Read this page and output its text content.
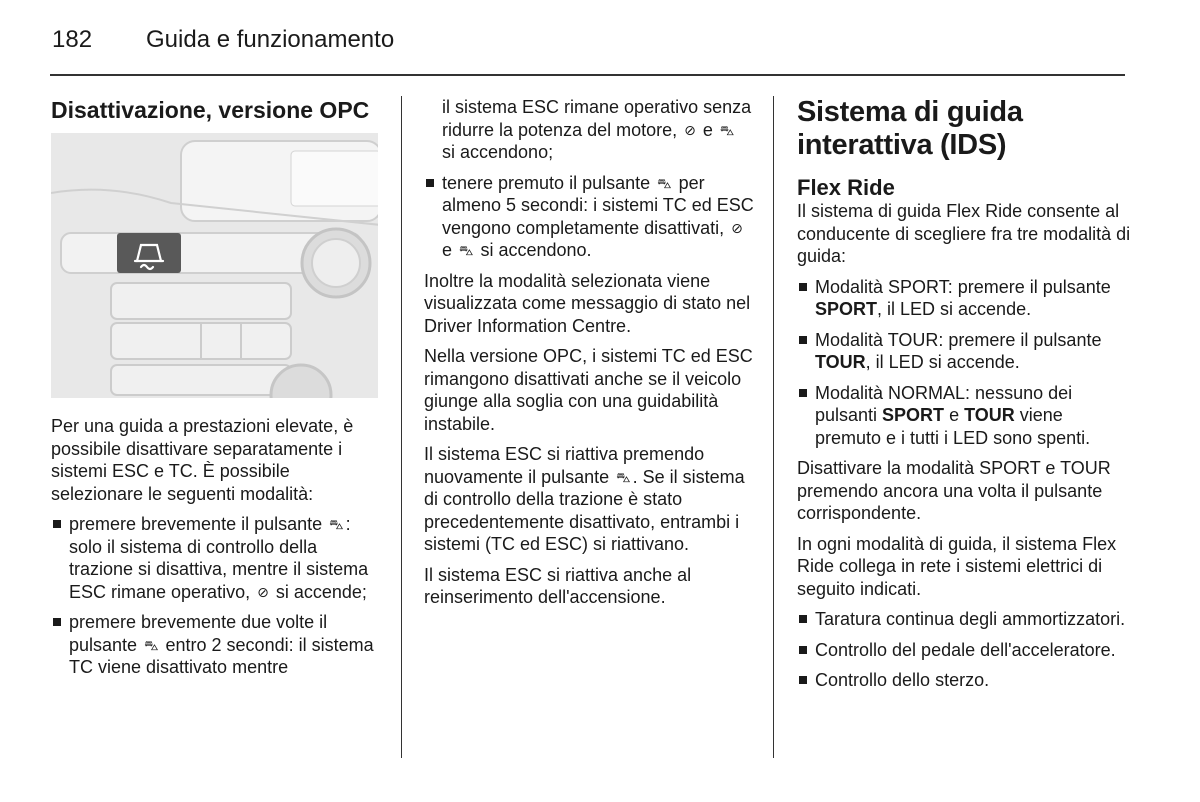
182 Guida e funzionamento
Disattivazione, versione OPC

Per una guida a prestazioni elevate, è possibile disattivare separatamente i sistemi ESC e TC. È possibile selezionare le seguenti modalità:

premere brevemente il pulsante ⛍ : solo il sistema di controllo della trazione si disattiva, mentre il sistema ESC rimane operativo, ⊘ si accende;
premere brevemente due volte il pulsante ⛍ entro 2 secondi: il sistema TC viene disattivato mentre

il sistema ESC rimane operativo senza ridurre la potenza del motore, ⊘ e ⛍ si accendono;

tenere premuto il pulsante ⛍ per almeno 5 secondi: i sistemi TC ed ESC vengono completamente disattivati, ⊘ e ⛍ si accendono.

Inoltre la modalità selezionata viene visualizzata come messaggio di stato nel Driver Information Centre.

Nella versione OPC, i sistemi TC ed ESC rimangono disattivati anche se il veicolo giunge alla soglia con una guidabilità instabile.

Il sistema ESC si riattiva premendo nuovamente il pulsante ⛍ . Se il sistema di controllo della trazione è stato precedentemente disattivato, entrambi i sistemi (TC ed ESC) si riattivano.

Il sistema ESC si riattiva anche al reinserimento dell'accensione.

Sistema di guida interattiva (IDS)
Flex Ride

Il sistema di guida Flex Ride consente al conducente di scegliere fra tre modalità di guida:

Modalità SPORT: premere il pulsante SPORT, il LED si accende.
Modalità TOUR: premere il pulsante TOUR, il LED si accende.
Modalità NORMAL: nessuno dei pulsanti SPORT e TOUR viene premuto e i tutti i LED sono spenti.

Disattivare la modalità SPORT e TOUR premendo ancora una volta il pulsante corrispondente.

In ogni modalità di guida, il sistema Flex Ride collega in rete i sistemi elettrici di seguito indicati.

Taratura continua degli ammortizzatori.
Controllo del pedale dell'acceleratore.
Controllo dello sterzo.
